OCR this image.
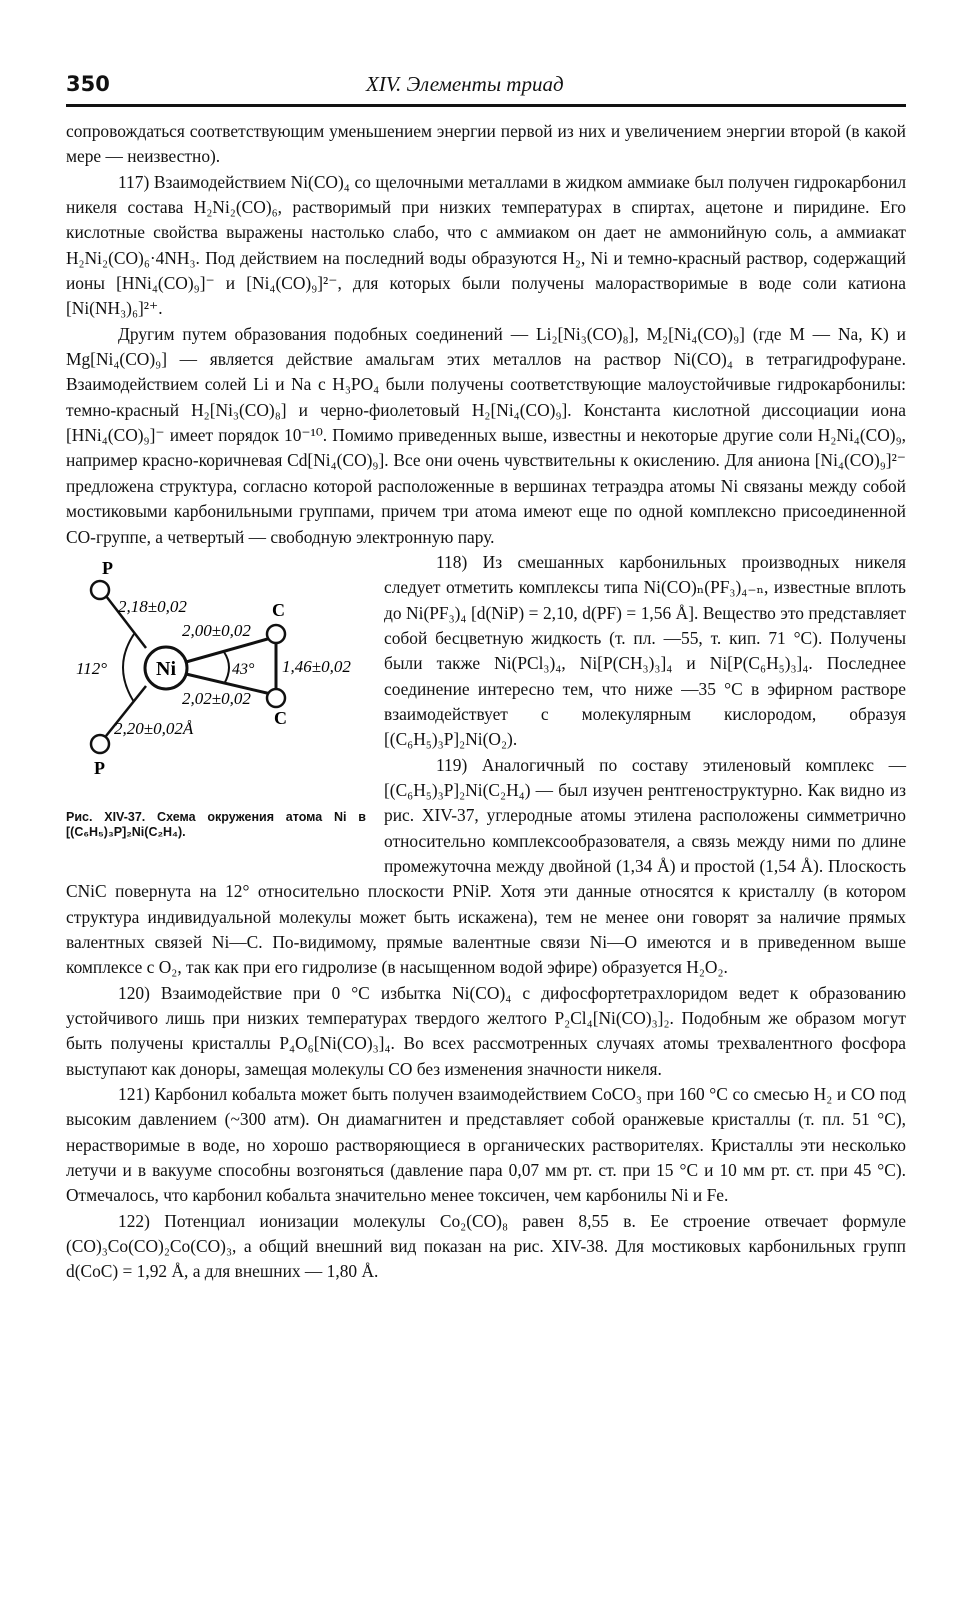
350	XIV. Элементы триад

сопровождаться соответствующим уменьшением энергии первой из них и увеличением энергии второй (в какой мере — неизвестно).

117) Взаимодействием Ni(CO)₄ со щелочными металлами в жидком аммиаке был получен гидрокарбонил никеля состава H₂Ni₂(CO)₆, растворимый при низких температурах в спиртах, ацетоне и пиридине. Его кислотные свойства выражены настолько слабо, что с аммиаком он дает не аммонийную соль, а аммиакат H₂Ni₂(CO)₆·4NH₃. Под действием на последний воды образуются H₂, Ni и темно-красный раствор, содержащий ионы [HNi₄(CO)₉]⁻ и [Ni₄(CO)₉]²⁻, для которых были получены малорастворимые в воде соли катиона [Ni(NH₃)₆]²⁺.

Другим путем образования подобных соединений — Li₂[Ni₃(CO)₈], M₂[Ni₄(CO)₉] (где M — Na, K) и Mg[Ni₄(CO)₉] — является действие амальгам этих металлов на раствор Ni(CO)₄ в тетрагидрофуране. Взаимодействием солей Li и Na с H₃PO₄ были получены соответствующие малоустойчивые гидрокарбонилы: темно-красный H₂[Ni₃(CO)₈] и черно-фиолетовый H₂[Ni₄(CO)₉]. Константа кислотной диссоциации иона [HNi₄(CO)₉]⁻ имеет порядок 10⁻¹⁰. Помимо приведенных выше, известны и некоторые другие соли H₂Ni₄(CO)₉, например красно-коричневая Cd[Ni₄(CO)₉]. Все они очень чувствительны к окислению. Для аниона [Ni₄(CO)₉]²⁻ предложена структура, согласно которой расположенные в вершинах тетраэдра атомы Ni связаны между собой мостиковыми карбонильными группами, причем три атома имеют еще по одной комплексно присоединенной CO-группе, а четвертый — свободную электронную пару.

Ni
P
P
C
C
2,18±0,02
2,00±0,02
1,46±0,02
2,02±0,02
2,20±0,02Å
112°	43°
Рис. XIV-37. Схема окружения атома Ni в [(C₆H₅)₃P]₂Ni(C₂H₄).

118) Из смешанных карбонильных производных никеля следует отметить комплексы типа Ni(CO)ₙ(PF₃)₄₋ₙ, известные вплоть до Ni(PF₃)₄ [d(NiP) = 2,10, d(PF) = 1,56 Å]. Вещество это представляет собой бесцветную жидкость (т. пл. —55, т. кип. 71 °C). Получены были также Ni(PCl₃)₄, Ni[P(CH₃)₃]₄ и Ni[P(C₆H₅)₃]₄. Последнее соединение интересно тем, что ниже —35 °C в эфирном растворе взаимодействует с молекулярным кислородом, образуя [(C₆H₅)₃P]₂Ni(O₂).

119) Аналогичный по составу этиленовый комплекс — [(C₆H₅)₃P]₂Ni(C₂H₄) — был изучен рентгеноструктурно. Как видно из рис. XIV-37, углеродные атомы этилена расположены симметрично относительно комплексообразователя, а связь между ними по длине промежуточна между двойной (1,34 Å) и простой (1,54 Å). Плоскость CNiC повернута на 12° относительно плоскости PNiP. Хотя эти данные относятся к кристаллу (в котором структура индивидуальной молекулы может быть искажена), тем не менее они говорят за наличие прямых валентных связей Ni—C. По-видимому, прямые валентные связи Ni—O имеются и в приведенном выше комплексе с O₂, так как при его гидролизе (в насыщенном водой эфире) образуется H₂O₂.

120) Взаимодействие при 0 °C избытка Ni(CO)₄ с дифосфортетрахлоридом ведет к образованию устойчивого лишь при низких температурах твердого желтого P₂Cl₄[Ni(CO)₃]₂. Подобным же образом могут быть получены кристаллы P₄O₆[Ni(CO)₃]₄. Во всех рассмотренных случаях атомы трехвалентного фосфора выступают как доноры, замещая молекулы CO без изменения значности никеля.

121) Карбонил кобальта может быть получен взаимодействием CoCO₃ при 160 °C со смесью H₂ и CO под высоким давлением (~300 атм). Он диамагнитен и представляет собой оранжевые кристаллы (т. пл. 51 °C), нерастворимые в воде, но хорошо растворяющиеся в органических растворителях. Кристаллы эти несколько летучи и в вакууме способны возгоняться (давление пара 0,07 мм рт. ст. при 15 °C и 10 мм рт. ст. при 45 °C). Отмечалось, что карбонил кобальта значительно менее токсичен, чем карбонилы Ni и Fe.

122) Потенциал ионизации молекулы Co₂(CO)₈ равен 8,55 в. Ее строение отвечает формуле (CO)₃Co(CO)₂Co(CO)₃, а общий внешний вид показан на рис. XIV-38. Для мостиковых карбонильных групп d(CoC) = 1,92 Å, а для внешних — 1,80 Å.
